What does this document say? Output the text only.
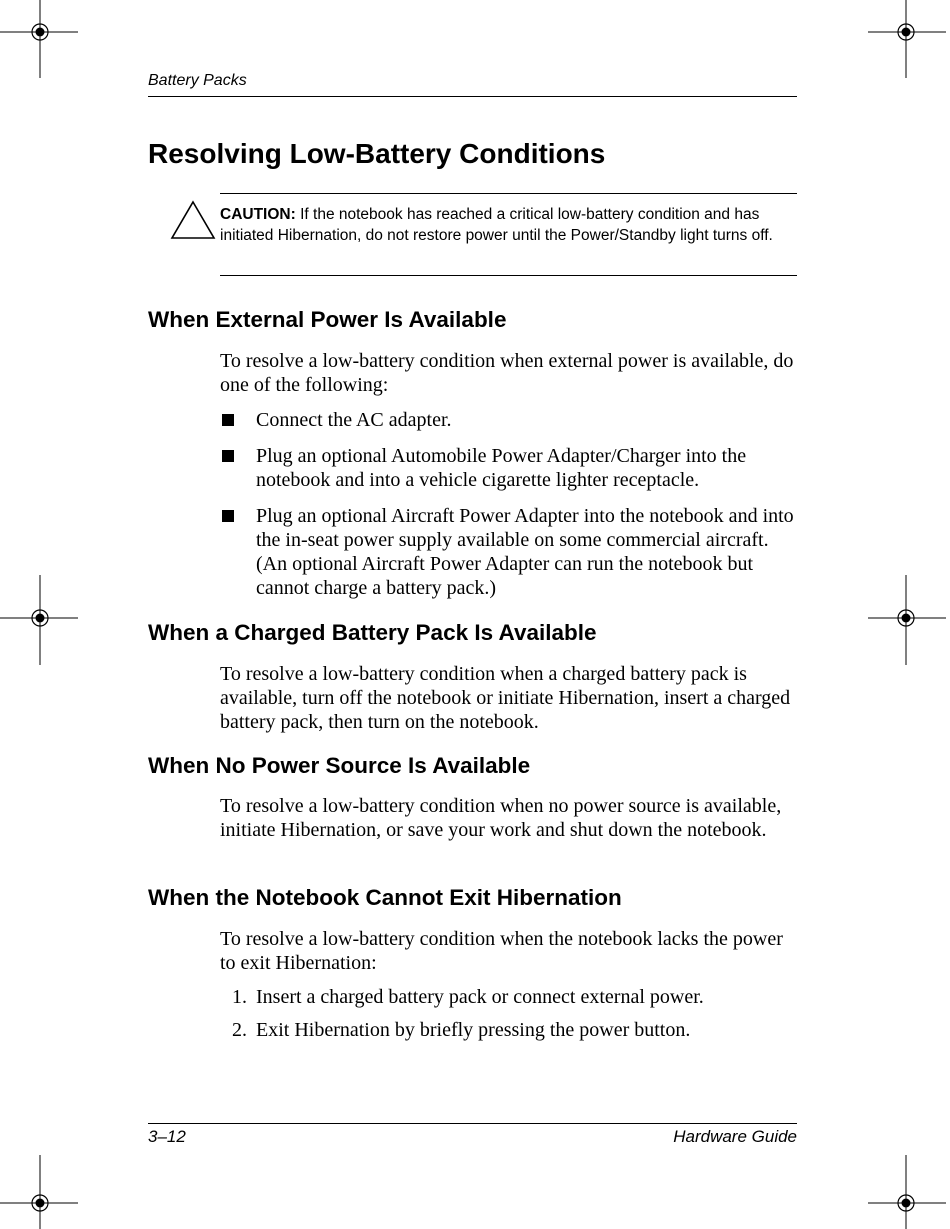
Battery Packs
Resolving Low-Battery Conditions
CAUTION: If the notebook has reached a critical low-battery condition and has initiated Hibernation, do not restore power until the Power/Standby light turns off.
When External Power Is Available

To resolve a low-battery condition when external power is available, do one of the following:

Connect the AC adapter.
Plug an optional Automobile Power Adapter/Charger into the notebook and into a vehicle cigarette lighter receptacle.
Plug an optional Aircraft Power Adapter into the notebook and into the in-seat power supply available on some commercial aircraft. (An optional Aircraft Power Adapter can run the notebook but cannot charge a battery pack.)
When a Charged Battery Pack Is Available

To resolve a low-battery condition when a charged battery pack is available, turn off the notebook or initiate Hibernation, insert a charged battery pack, then turn on the notebook.

When No Power Source Is Available

To resolve a low-battery condition when no power source is available, initiate Hibernation, or save your work and shut down the notebook.

When the Notebook Cannot Exit Hibernation

To resolve a low-battery condition when the notebook lacks the power to exit Hibernation:

1. Insert a charged battery pack or connect external power.
2. Exit Hibernation by briefly pressing the power button.
3–12	Hardware Guide
